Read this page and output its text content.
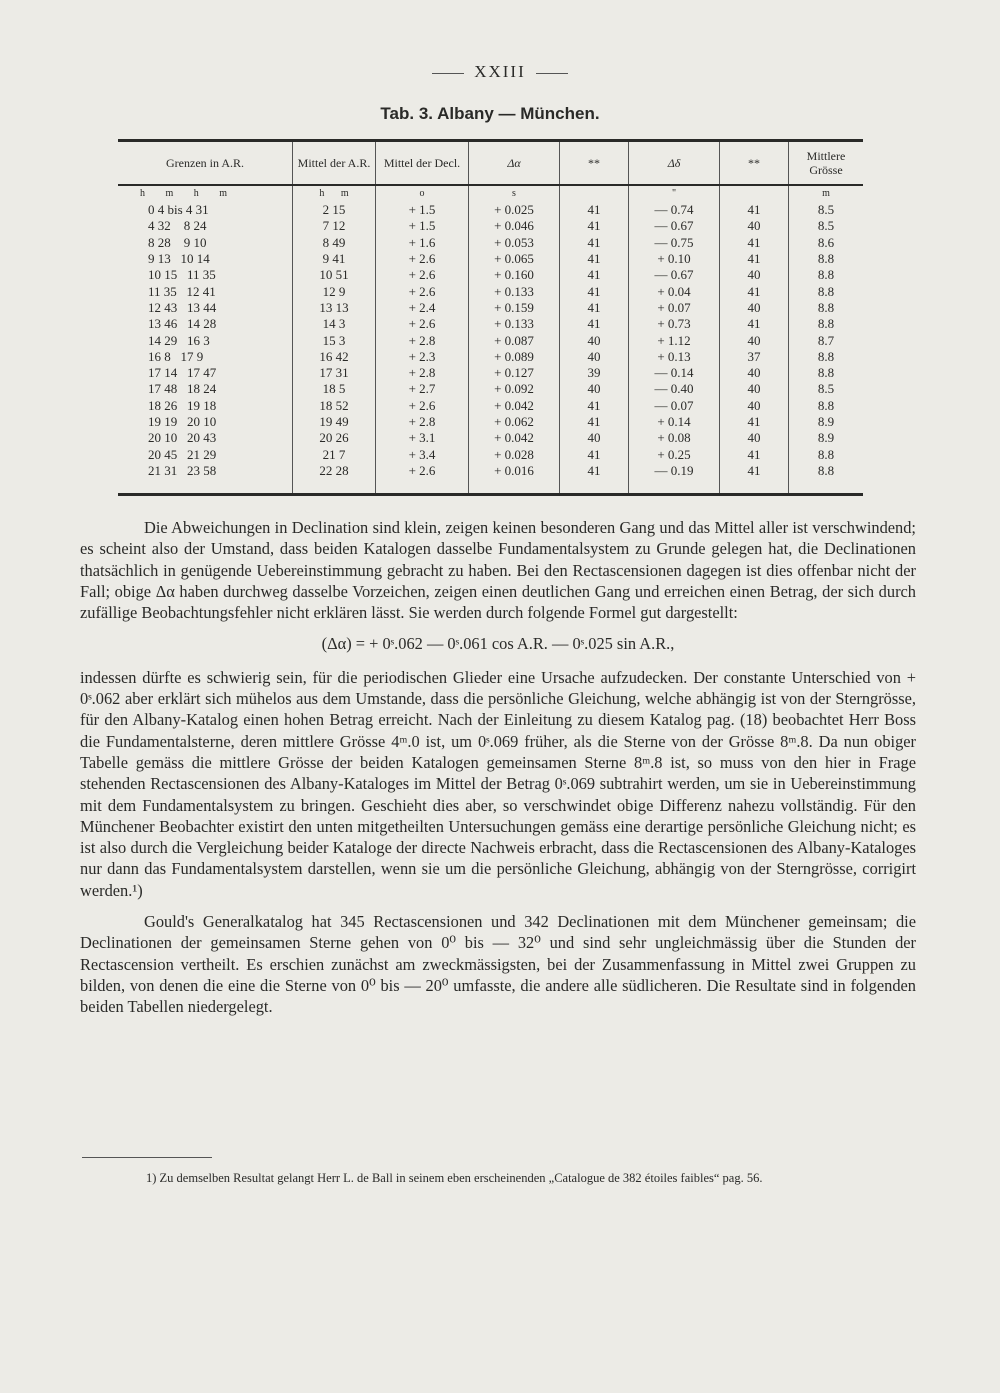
XXIII
Tab. 3. Albany — München.
Grenzen in A.R.	Mittel der A.R.	Mittel der Decl.	Δα	**	Δδ	**	Mittlere Grösse
h m h m	h m	o	s		"		m
0 4 bis 4 31	2 15	+ 1.5	+ 0.025	41	— 0.74	41	8.5
4 32    8 24	7 12	+ 1.5	+ 0.046	41	— 0.67	40	8.5
8 28    9 10	8 49	+ 1.6	+ 0.053	41	— 0.75	41	8.6
9 13   10 14	9 41	+ 2.6	+ 0.065	41	+ 0.10	41	8.8
10 15   11 35	10 51	+ 2.6	+ 0.160	41	— 0.67	40	8.8
11 35   12 41	12 9	+ 2.6	+ 0.133	41	+ 0.04	41	8.8
12 43   13 44	13 13	+ 2.4	+ 0.159	41	+ 0.07	40	8.8
13 46   14 28	14 3	+ 2.6	+ 0.133	41	+ 0.73	41	8.8
14 29   16 3	15 3	+ 2.8	+ 0.087	40	+ 1.12	40	8.7
16 8   17 9	16 42	+ 2.3	+ 0.089	40	+ 0.13	37	8.8
17 14   17 47	17 31	+ 2.8	+ 0.127	39	— 0.14	40	8.8
17 48   18 24	18 5	+ 2.7	+ 0.092	40	— 0.40	40	8.5
18 26   19 18	18 52	+ 2.6	+ 0.042	41	— 0.07	40	8.8
19 19   20 10	19 49	+ 2.8	+ 0.062	41	+ 0.14	41	8.9
20 10   20 43	20 26	+ 3.1	+ 0.042	40	+ 0.08	40	8.9
20 45   21 29	21 7	+ 3.4	+ 0.028	41	+ 0.25	41	8.8
21 31   23 58	22 28	+ 2.6	+ 0.016	41	— 0.19	41	8.8

Die Abweichungen in Declination sind klein, zeigen keinen besonderen Gang und das Mittel aller ist verschwindend; es scheint also der Umstand, dass beiden Katalogen dasselbe Fundamentalsystem zu Grunde gelegen hat, die Declinationen thatsächlich in genügende Uebereinstimmung gebracht zu haben. Bei den Rectascensionen dagegen ist dies offenbar nicht der Fall; obige Δα haben durchweg dasselbe Vorzeichen, zeigen einen deutlichen Gang und erreichen einen Betrag, der sich durch zufällige Beobachtungsfehler nicht erklären lässt. Sie werden durch folgende Formel gut dargestellt:

(Δα) = + 0ˢ.062 — 0ˢ.061 cos A.R. — 0ˢ.025 sin A.R.,

indessen dürfte es schwierig sein, für die periodischen Glieder eine Ursache aufzudecken. Der constante Unterschied von + 0ˢ.062 aber erklärt sich mühelos aus dem Umstande, dass die persönliche Gleichung, welche abhängig ist von der Sterngrösse, für den Albany-Katalog einen hohen Betrag erreicht. Nach der Einleitung zu diesem Katalog pag. (18) beobachtet Herr Boss die Fundamentalsterne, deren mittlere Grösse 4ᵐ.0 ist, um 0ˢ.069 früher, als die Sterne von der Grösse 8ᵐ.8. Da nun obiger Tabelle gemäss die mittlere Grösse der beiden Katalogen gemeinsamen Sterne 8ᵐ.8 ist, so muss von den hier in Frage stehenden Rectascensionen des Albany-Kataloges im Mittel der Betrag 0ˢ.069 subtrahirt werden, um sie in Uebereinstimmung mit dem Fundamentalsystem zu bringen. Geschieht dies aber, so verschwindet obige Differenz nahezu vollständig. Für den Münchener Beobachter existirt den unten mitgetheilten Untersuchungen gemäss eine derartige persönliche Gleichung nicht; es ist also durch die Vergleichung beider Kataloge der directe Nachweis erbracht, dass die Rectascensionen des Albany-Kataloges nur dann das Fundamentalsystem darstellen, wenn sie um die persönliche Gleichung, abhängig von der Sterngrösse, corrigirt werden.¹)

Gould's Generalkatalog hat 345 Rectascensionen und 342 Declinationen mit dem Münchener gemeinsam; die Declinationen der gemeinsamen Sterne gehen von 0⁰ bis — 32⁰ und sind sehr ungleichmässig über die Stunden der Rectascension vertheilt. Es erschien zunächst am zweckmässigsten, bei der Zusammenfassung in Mittel zwei Gruppen zu bilden, von denen die eine die Sterne von 0⁰ bis — 20⁰ umfasste, die andere alle südlicheren. Die Resultate sind in folgenden beiden Tabellen niedergelegt.

1) Zu demselben Resultat gelangt Herr L. de Ball in seinem eben erscheinenden „Catalogue de 382 étoiles faibles“ pag. 56.
